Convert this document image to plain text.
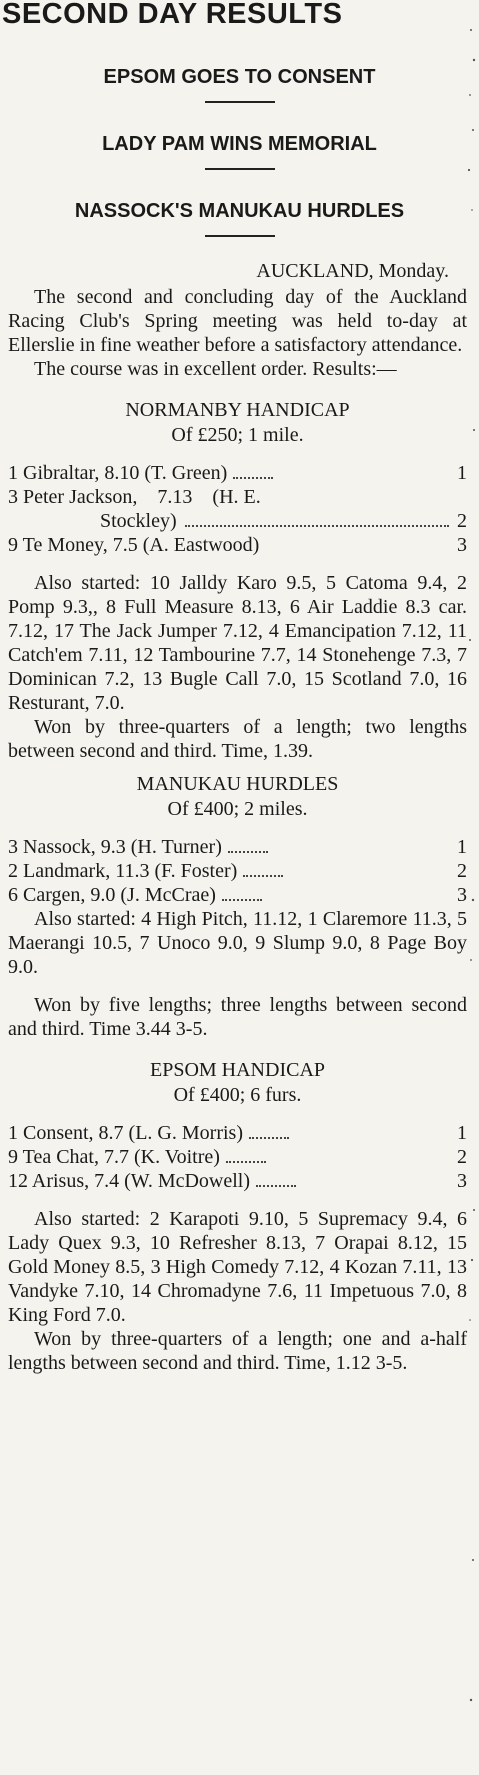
SECOND DAY RESULTS
EPSOM GOES TO CONSENT
LADY PAM WINS MEMORIAL
NASSOCK'S MANUKAU HURDLES
AUCKLAND, Monday.

The second and concluding day of the Auckland Racing Club's Spring meeting was held to-day at Ellerslie in fine weather before a satisfactory attendance.

The course was in excellent order. Results:—

NORMANBY HANDICAP
Of £250; 1 mile.
1 Gibraltar, 8.10 (T. Green)	1
3 Peter Jackson,    7.13    (H. E.
Stockley)	2
9 Te Money, 7.5 (A. Eastwood)	3

Also started: 10 Jalldy Karo 9.5, 5 Catoma 9.4, 2 Pomp 9.3,, 8 Full Measure 8.13, 6 Air Laddie 8.3 car. 7.12, 17 The Jack Jumper 7.12, 4 Emancipation 7.12, 11 Catch'em 7.11, 12 Tambourine 7.7, 14 Stonehenge 7.3, 7 Dominican 7.2, 13 Bugle Call 7.0, 15 Scotland 7.0, 16 Resturant, 7.0.

Won by three-quarters of a length; two lengths between second and third. Time, 1.39.

MANUKAU HURDLES
Of £400; 2 miles.
3 Nassock, 9.3 (H. Turner)	1
2 Landmark, 11.3 (F. Foster)	2
6 Cargen, 9.0 (J. McCrae)	3

Also started: 4 High Pitch, 11.12, 1 Claremore 11.3, 5 Maerangi 10.5, 7 Unoco 9.0, 9 Slump 9.0, 8 Page Boy 9.0.

Won by five lengths; three lengths between second and third. Time 3.44 3-5.

EPSOM HANDICAP
Of £400; 6 furs.
1 Consent, 8.7 (L. G. Morris)	1
9 Tea Chat, 7.7 (K. Voitre)	2
12 Arisus, 7.4 (W. McDowell)	3

Also started: 2 Karapoti 9.10, 5 Supremacy 9.4, 6 Lady Quex 9.3, 10 Refresher 8.13, 7 Orapai 8.12, 15 Gold Money 8.5, 3 High Comedy 7.12, 4 Kozan 7.11, 13 Vandyke 7.10, 14 Chromadyne 7.6, 11 Impetuous 7.0, 8 King Ford 7.0.

Won by three-quarters of a length; one and a-half lengths between second and third. Time, 1.12 3-5.
